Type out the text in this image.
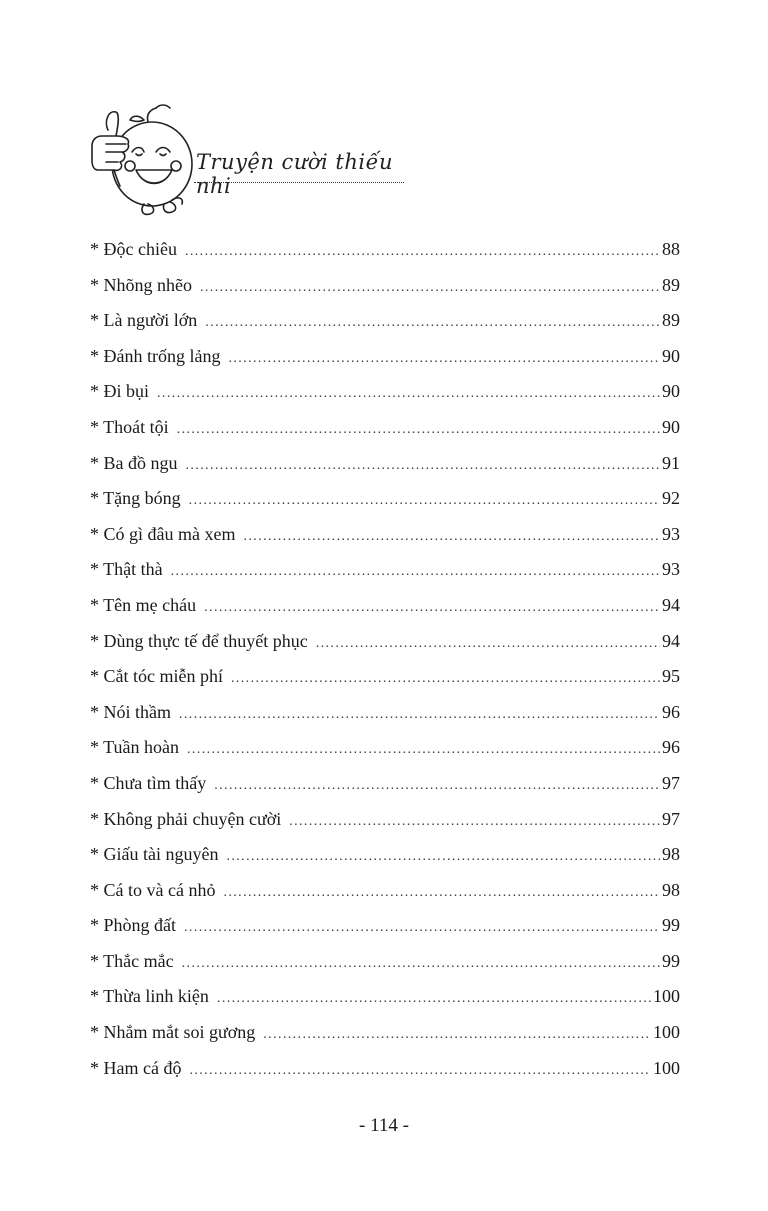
Truyện cười thiếu nhi
* Độc chiêu .....	88
* Nhõng nhẽo .....	89
* Là người lớn .....	89
* Đánh trống lảng .....	90
* Đi bụi .....	90
* Thoát tội .....	90
* Ba đồ ngu .....	91
* Tặng bóng .....	92
* Có gì đâu mà xem .....	93
* Thật thà .....	93
* Tên mẹ cháu .....	94
* Dùng thực tế để thuyết phục .....	94
* Cắt tóc miễn phí .....	95
* Nói thầm .....	96
* Tuần hoàn .....	96
* Chưa tìm thấy .....	97
* Không phải chuyện cười .....	97
* Giấu tài nguyên .....	98
* Cá to và cá nhỏ .....	98
* Phòng đất .....	99
* Thắc mắc .....	99
* Thừa linh kiện .....	100
* Nhắm mắt soi gương .....	100
* Ham cá độ .....	100
- 114 -
